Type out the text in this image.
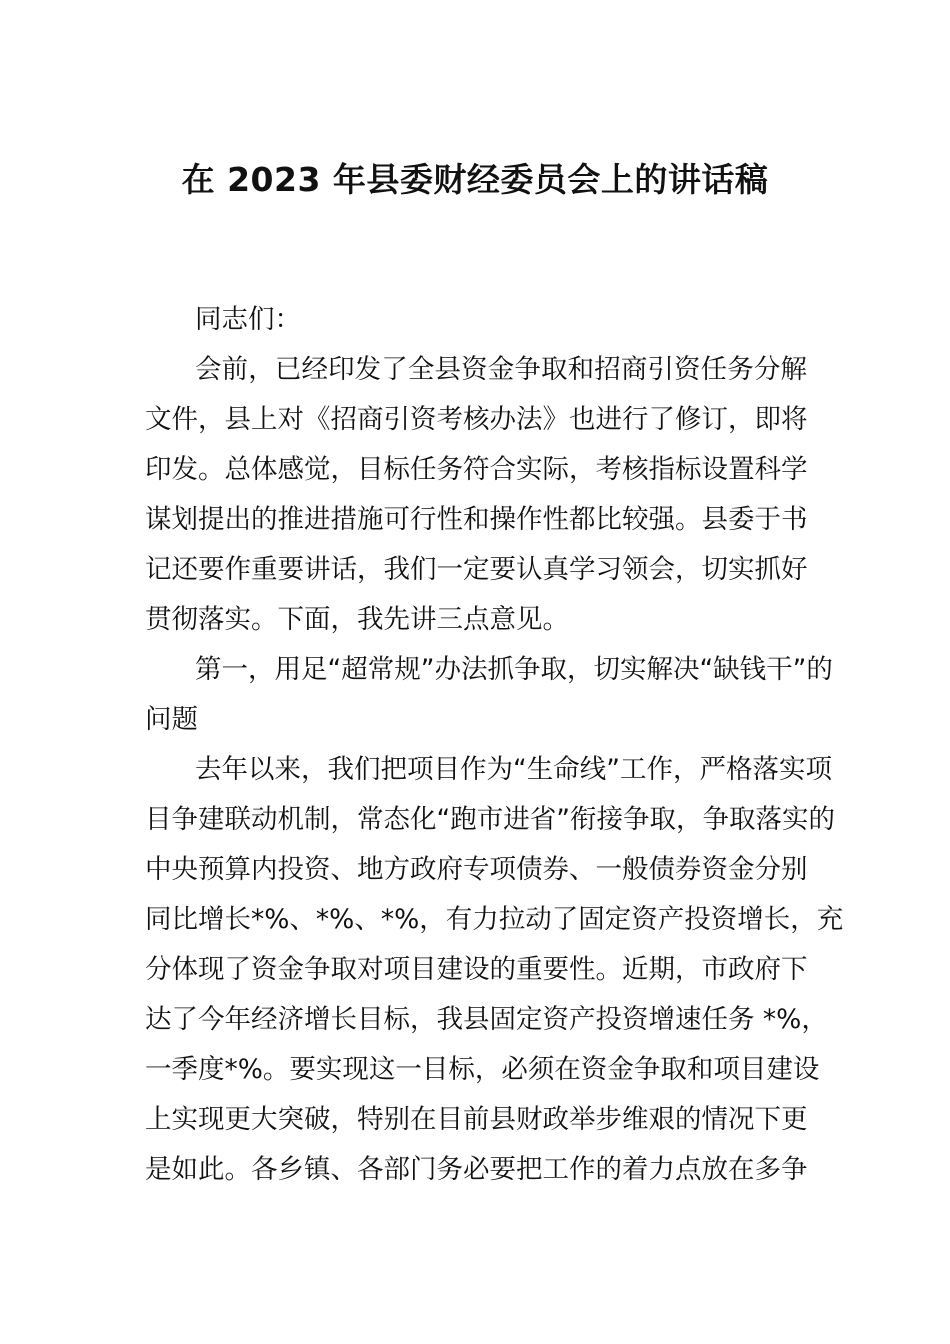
在 2023 年县委财经委员会上的讲话稿
同志们：
会前，已经印发了全县资金争取和招商引资任务分解
文件，县上对《招商引资考核办法》也进行了修订，即将
印发。总体感觉，目标任务符合实际，考核指标设置科学
谋划提出的推进措施可行性和操作性都比较强。县委于书
记还要作重要讲话，我们一定要认真学习领会，切实抓好
贯彻落实。下面，我先讲三点意见。
第一，用足“超常规”办法抓争取，切实解决“缺钱干”的
问题
去年以来，我们把项目作为“生命线”工作，严格落实项
目争建联动机制，常态化“跑市进省”衔接争取，争取落实的
中央预算内投资、地方政府专项债券、一般债券资金分别
同比增长*%、*%、*%，有力拉动了固定资产投资增长，充
分体现了资金争取对项目建设的重要性。近期，市政府下
达了今年经济增长目标，我县固定资产投资增速任务 *%，
一季度*%。要实现这一目标，必须在资金争取和项目建设
上实现更大突破，特别在目前县财政举步维艰的情况下更
是如此。各乡镇、各部门务必要把工作的着力点放在多争
